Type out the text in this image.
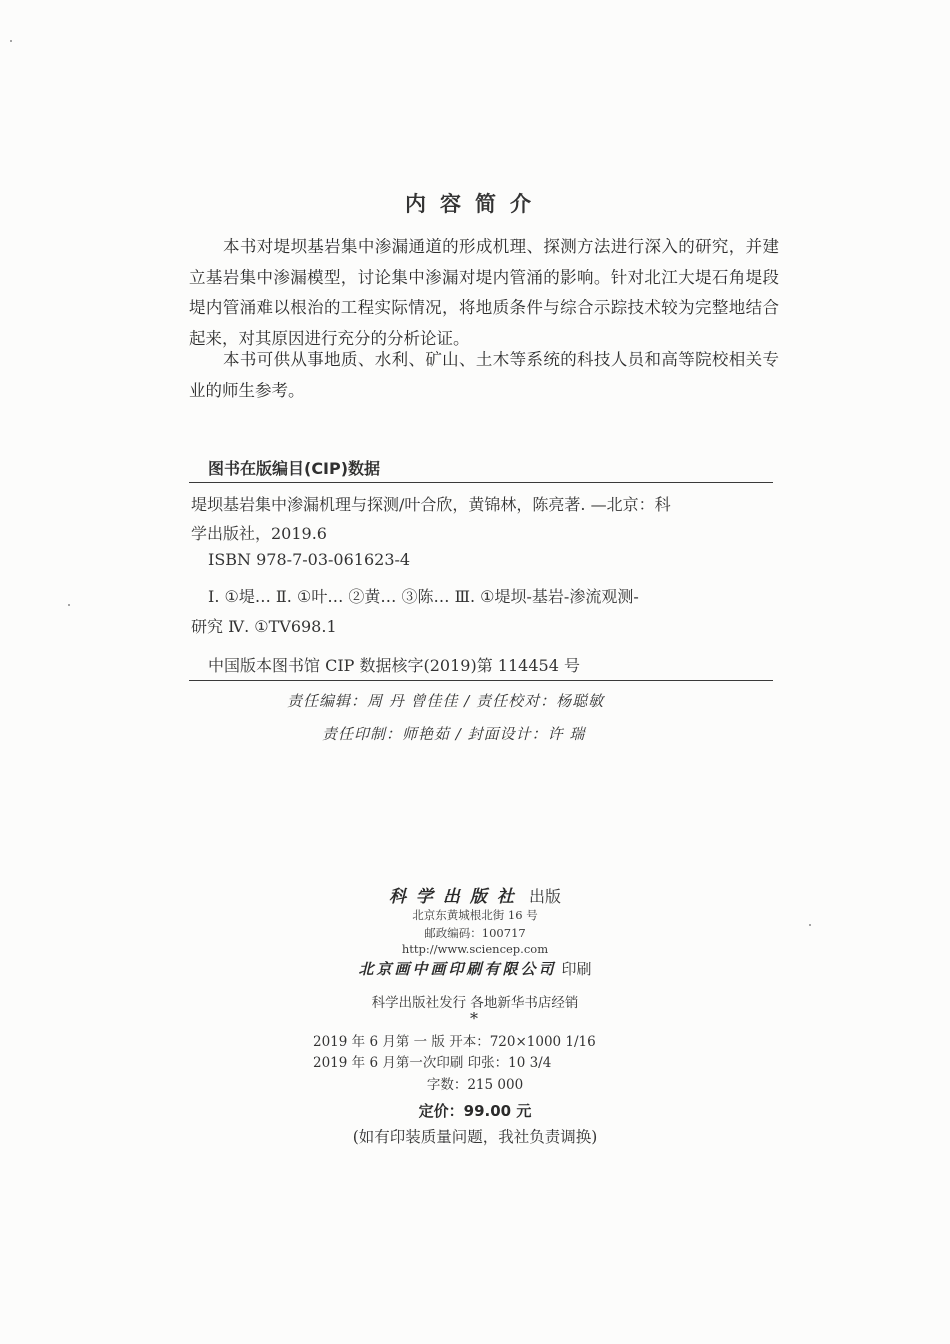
内容简介
本书对堤坝基岩集中渗漏通道的形成机理、探测方法进行深入的研究，并建立基岩集中渗漏模型，讨论集中渗漏对堤内管涌的影响。针对北江大堤石角堤段堤内管涌难以根治的工程实际情况，将地质条件与综合示踪技术较为完整地结合起来，对其原因进行充分的分析论证。
本书可供从事地质、水利、矿山、土木等系统的科技人员和高等院校相关专业的师生参考。
图书在版编目(CIP)数据
堤坝基岩集中渗漏机理与探测/叶合欣，黄锦林，陈亮著. —北京：科
学出版社，2019.6
ISBN 978-7-03-061623-4
Ⅰ. ①堤… Ⅱ. ①叶… ②黄… ③陈… Ⅲ. ①堤坝-基岩-渗流观测-
研究 Ⅳ. ①TV698.1
中国版本图书馆 CIP 数据核字(2019)第 114454 号
责任编辑：周 丹 曾佳佳 / 责任校对：杨聪敏
责任印制：师艳茹 / 封面设计：许 瑞
科学出版社 出版
北京东黄城根北街 16 号
邮政编码：100717
http://www.sciencep.com
北京画中画印刷有限公司 印刷
科学出版社发行 各地新华书店经销
*
2019 年 6 月第 一 版 开本：720×1000 1/16
2019 年 6 月第一次印刷 印张：10 3/4
字数：215 000
定价：99.00 元
(如有印装质量问题，我社负责调换)
